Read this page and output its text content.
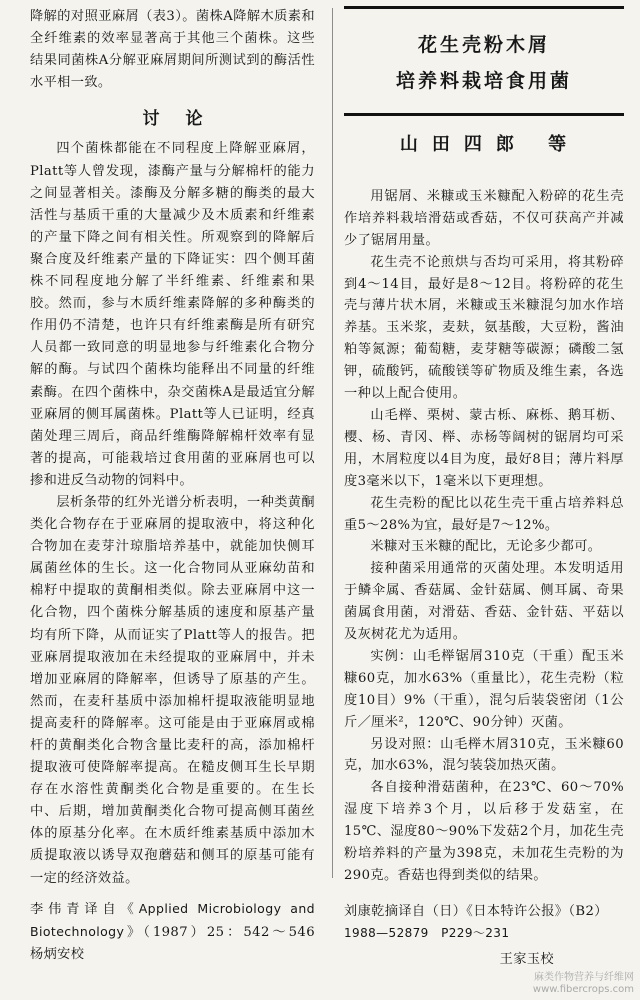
降解的对照亚麻屑（表3）。菌株A降解木质素和全纤维素的效率显著高于其他三个菌株。这些结果同菌株A分解亚麻屑期间所测试到的酶活性水平相一致。

讨论

四个菌株都能在不同程度上降解亚麻屑，Platt等人曾发现，漆酶产量与分解棉杆的能力之间显著相关。漆酶及分解多糖的酶类的最大活性与基质干重的大量减少及木质素和纤维素的产量下降之间有相关性。所观察到的降解后聚合度及纤维素产量的下降证实：四个侧耳菌株不同程度地分解了半纤维素、纤维素和果胶。然而，参与木质纤维素降解的多种酶类的作用仍不清楚，也许只有纤维素酶是所有研究人员都一致同意的明显地参与纤维素化合物分解的酶。与试四个菌株均能释出不同量的纤维素酶。在四个菌株中，杂交菌株A是最适宜分解亚麻屑的侧耳属菌株。Platt等人已证明，经真菌处理三周后，商品纤维酶降解棉杆效率有显著的提高，可能栽培过食用菌的亚麻屑也可以掺和进反刍动物的饲料中。

层析条带的红外光谱分析表明，一种类黄酮类化合物存在于亚麻屑的提取液中，将这种化合物加在麦芽汁琼脂培养基中，就能加快侧耳属菌丝体的生长。这一化合物同从亚麻幼苗和棉籽中提取的黄酮相类似。除去亚麻屑中这一化合物，四个菌株分解基质的速度和原基产量均有所下降，从而证实了Platt等人的报告。把亚麻屑提取液加在未经提取的亚麻屑中，并未增加亚麻屑的降解率，但诱导了原基的产生。然而，在麦秆基质中添加棉杆提取液能明显地提高麦秆的降解率。这可能是由于亚麻屑或棉杆的黄酮类化合物含量比麦秆的高，添加棉杆提取液可使降解率提高。在糙皮侧耳生长早期存在水溶性黄酮类化合物是重要的。在生长中、后期，增加黄酮类化合物可提高侧耳菌丝体的原基分化率。在木质纤维素基质中添加木质提取液以诱导双孢蘑菇和侧耳的原基可能有一定的经济效益。

李伟青译自《Applied Microbiology and Biotechnology》（1987）25：542～546　杨炳安校

花生壳粉木屑
培养料栽培食用菌
山田四郎 等

用锯屑、米糠或玉米糠配入粉碎的花生壳作培养料栽培滑菇或香菇，不仅可获高产并减少了锯屑用量。

花生壳不论煎烘与否均可采用，将其粉碎到4～14目，最好是8～12目。将粉碎的花生壳与薄片状木屑，米糠或玉米糠混匀加水作培养基。玉米浆，麦麸，氨基酸，大豆粉，酱油粕等氮源；葡萄糖，麦芽糖等碳源；磷酸二氢钾，硫酸钙，硫酸镁等矿物质及维生素，各选一种以上配合使用。

山毛榉、栗树、蒙古栎、麻栎、鹅耳枥、樱、杨、青冈、榉、赤杨等阔树的锯屑均可采用，木屑粒度以4目为度，最好8目；薄片料厚度3毫米以下，1毫米以下更理想。

花生壳粉的配比以花生壳干重占培养料总重5～28%为宜，最好是7～12%。

米糠对玉米糠的配比，无论多少都可。

接种菌采用通常的灭菌处理。本发明适用于鳞伞属、香菇属、金针菇属、侧耳属、奇果菌属食用菌，对滑菇、香菇、金针菇、平菇以及灰树花尤为适用。

实例：山毛榉锯屑310克（干重）配玉米糠60克，加水63%（重量比），花生壳粉（粒度10目）9%（干重），混匀后装袋密闭（1公斤／厘米²，120℃、90分钟）灭菌。

另设对照：山毛榉木屑310克，玉米糠60克，加水63%，混匀装袋加热灭菌。

各自接种滑菇菌种，在23℃、60～70%湿度下培养3个月，以后移于发菇室，在15℃、湿度80～90%下发菇2个月，加花生壳粉培养料的产量为398克，未加花生壳粉的为290克。香菇也得到类似的结果。

刘康乾摘译自（日）《日本特许公报》（B2）
1988—52879　P229～231

王家玉校
麻类作物营养与纤维网
www.fibercrops.com
